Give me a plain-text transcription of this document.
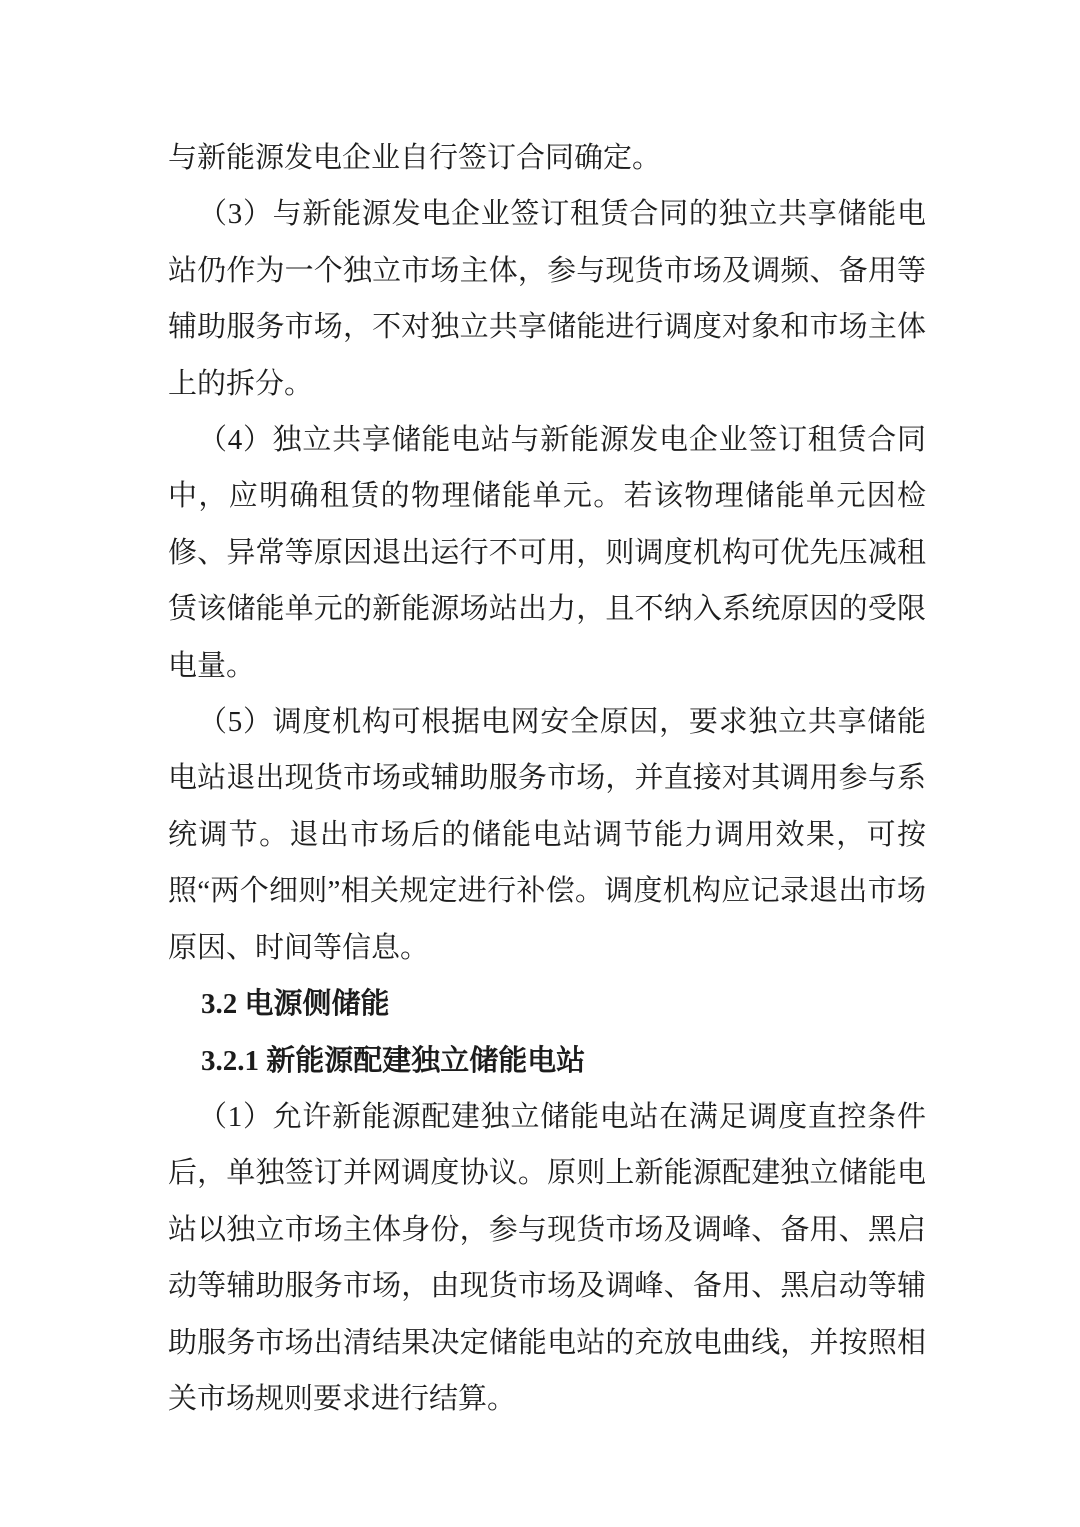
与新能源发电企业自行签订合同确定。

（3）与新能源发电企业签订租赁合同的独立共享储能电站仍作为一个独立市场主体，参与现货市场及调频、备用等辅助服务市场，不对独立共享储能进行调度对象和市场主体上的拆分。

（4）独立共享储能电站与新能源发电企业签订租赁合同中，应明确租赁的物理储能单元。若该物理储能单元因检修、异常等原因退出运行不可用，则调度机构可优先压减租赁该储能单元的新能源场站出力，且不纳入系统原因的受限电量。

（5）调度机构可根据电网安全原因，要求独立共享储能电站退出现货市场或辅助服务市场，并直接对其调用参与系统调节。退出市场后的储能电站调节能力调用效果，可按照“两个细则”相关规定进行补偿。调度机构应记录退出市场原因、时间等信息。

3.2 电源侧储能

3.2.1 新能源配建独立储能电站

（1）允许新能源配建独立储能电站在满足调度直控条件后，单独签订并网调度协议。原则上新能源配建独立储能电站以独立市场主体身份，参与现货市场及调峰、备用、黑启动等辅助服务市场，由现货市场及调峰、备用、黑启动等辅助服务市场出清结果决定储能电站的充放电曲线，并按照相关市场规则要求进行结算。
